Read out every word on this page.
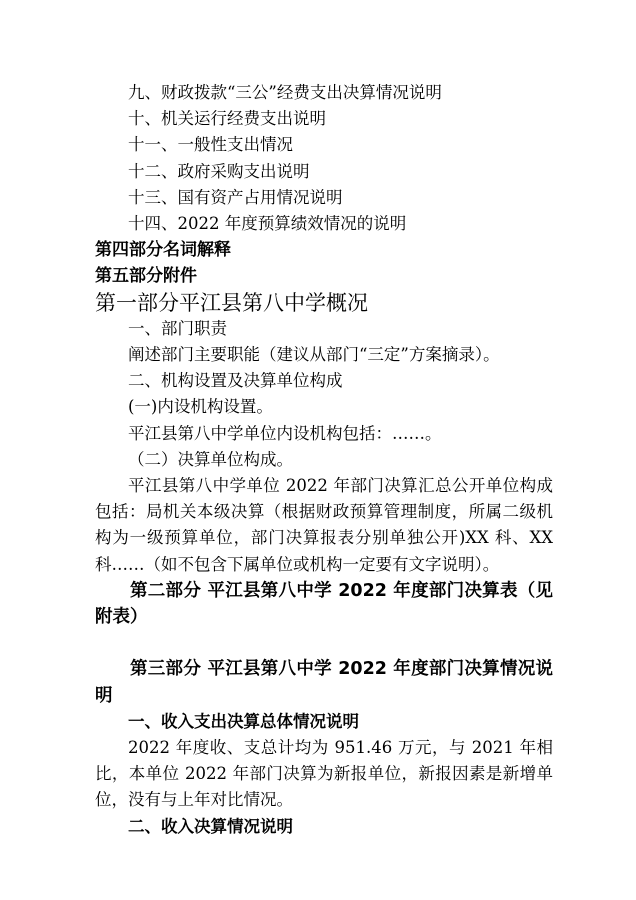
九、财政拨款“三公”经费支出决算情况说明
十、机关运行经费支出说明
十一、一般性支出情况
十二、政府采购支出说明
十三、国有资产占用情况说明
十四、2022 年度预算绩效情况的说明
第四部分名词解释
第五部分附件
第一部分平江县第八中学概况
一、部门职责
阐述部门主要职能（建议从部门“三定”方案摘录）。
二、机构设置及决算单位构成
(一)内设机构设置。
平江县第八中学单位内设机构包括：……。
（二）决算单位构成。
平江县第八中学单位 2022 年部门决算汇总公开单位构成包括：局机关本级决算（根据财政预算管理制度，所属二级机构为一级预算单位，部门决算报表分别单独公开)XX 科、XX 科……（如不包含下属单位或机构一定要有文字说明）。
第二部分 平江县第八中学 2022 年度部门决算表（见附表）
第三部分 平江县第八中学 2022 年度部门决算情况说明
一、收入支出决算总体情况说明
2022 年度收、支总计均为 951.46 万元，与 2021 年相比，本单位 2022 年部门决算为新报单位，新报因素是新增单位，没有与上年对比情况。
二、收入决算情况说明
